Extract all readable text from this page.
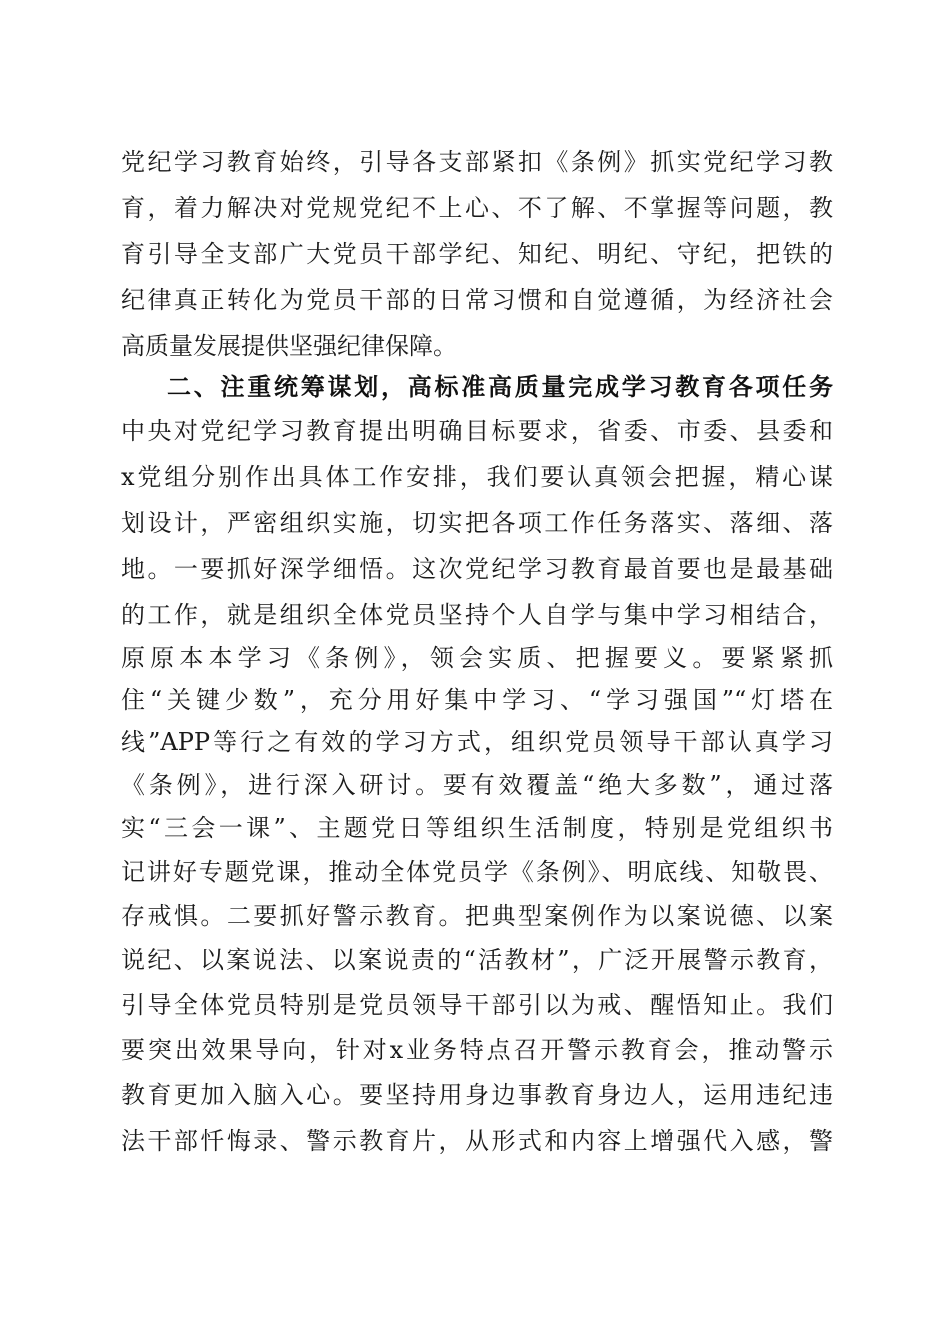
党纪学习教育始终，引导各支部紧扣《条例》抓实党纪学习教
育，着力解决对党规党纪不上心、不了解、不掌握等问题，教
育引导全支部广大党员干部学纪、知纪、明纪、守纪，把铁的
纪律真正转化为党员干部的日常习惯和自觉遵循，为经济社会
高质量发展提供坚强纪律保障。
二、注重统筹谋划，高标准高质量完成学习教育各项任务
中央对党纪学习教育提出明确目标要求，省委、市委、县委和
x党组分别作出具体工作安排，我们要认真领会把握，精心谋
划设计，严密组织实施，切实把各项工作任务落实、落细、落
地。一要抓好深学细悟。这次党纪学习教育最首要也是最基础
的工作，就是组织全体党员坚持个人自学与集中学习相结合，
原原本本学习《条例》，领会实质、把握要义。要紧紧抓
住“关键少数”，充分用好集中学习、“学习强国”“灯塔在
线”APP等行之有效的学习方式，组织党员领导干部认真学习
《条例》，进行深入研讨。要有效覆盖“绝大多数”，通过落
实“三会一课”、主题党日等组织生活制度，特别是党组织书
记讲好专题党课，推动全体党员学《条例》、明底线、知敬畏、
存戒惧。二要抓好警示教育。把典型案例作为以案说德、以案
说纪、以案说法、以案说责的“活教材”，广泛开展警示教育，
引导全体党员特别是党员领导干部引以为戒、醒悟知止。我们
要突出效果导向，针对x业务特点召开警示教育会，推动警示
教育更加入脑入心。要坚持用身边事教育身边人，运用违纪违
法干部忏悔录、警示教育片，从形式和内容上增强代入感，警
